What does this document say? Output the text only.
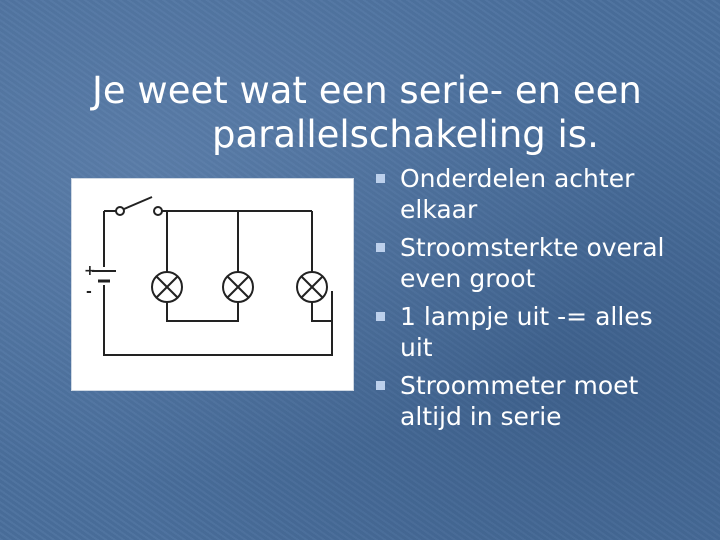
Je weet wat een serie- en een
parallelschakeling is.
+
-
Onderdelen achter elkaar
Stroomsterkte overal even groot
1 lampje uit -= alles uit
Stroommeter moet altijd in serie
